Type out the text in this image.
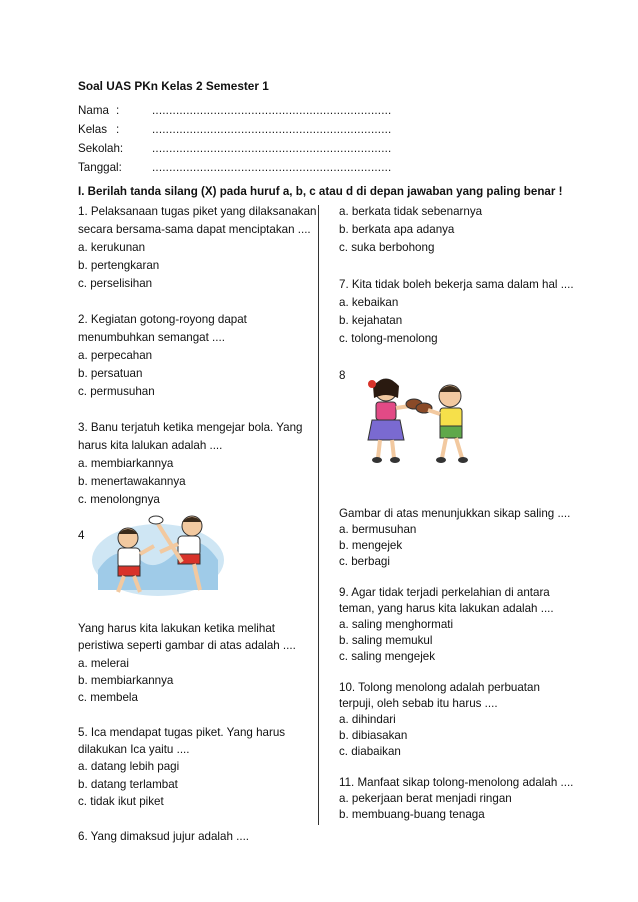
Soal UAS PKn Kelas 2 Semester 1
Nama :	......................................................................
Kelas :	......................................................................
Sekolah: ......................................................................
Tanggal:	......................................................................
I. Berilah tanda silang (X) pada huruf a, b, c atau d di depan jawaban yang paling benar !
1. Pelaksanaan tugas piket yang dilaksanakan
secara bersama-sama dapat menciptakan ....
a. kerukunan
b. pertengkaran
c. perselisihan
2. Kegiatan gotong-royong dapat
menumbuhkan semangat ....
a. perpecahan
b. persatuan
c. permusuhan
3. Banu terjatuh ketika mengejar bola. Yang
harus kita lalukan adalah ....
a. membiarkannya
b. menertawakannya
c. menolongnya
4
Yang harus kita lakukan ketika melihat
peristiwa seperti gambar di atas adalah ....
a. melerai
b. membiarkannya
c. membela
5. Ica mendapat tugas piket. Yang harus
dilakukan Ica yaitu ....
a. datang lebih pagi
b. datang terlambat
c. tidak ikut piket
6. Yang dimaksud jujur adalah ....
a. berkata tidak sebenarnya
b. berkata apa adanya
c. suka berbohong
7. Kita tidak boleh bekerja sama dalam hal ....
a. kebaikan
b. kejahatan
c. tolong-menolong
8
Gambar di atas menunjukkan sikap saling ....
a. bermusuhan
b. mengejek
c. berbagi
9. Agar tidak terjadi perkelahian di antara
teman, yang harus kita lakukan adalah ....
a. saling menghormati
b. saling memukul
c. saling mengejek
10. Tolong menolong adalah perbuatan
terpuji, oleh sebab itu harus ....
a. dihindari
b. dibiasakan
c. diabaikan
11. Manfaat sikap tolong-menolong adalah ....
a. pekerjaan berat menjadi ringan
b. membuang-buang tenaga
